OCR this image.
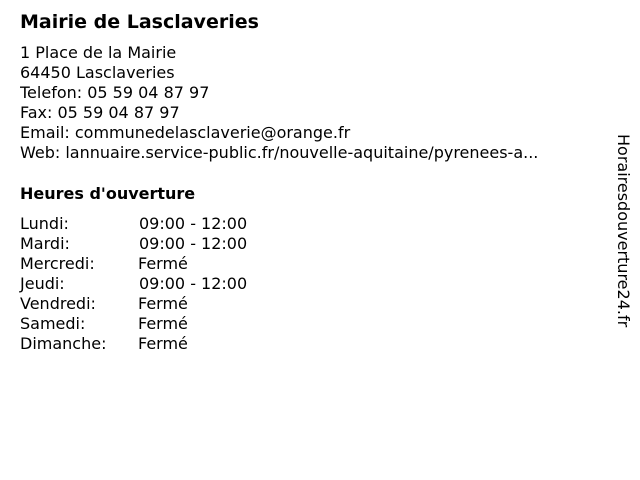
Mairie de Lasclaveries
1 Place de la Mairie
64450 Lasclaveries
Telefon: 05 59 04 87 97
Fax: 05 59 04 87 97
Email: communedelasclaverie@orange.fr
Web: lannuaire.service-public.fr/nouvelle-aquitaine/pyrenees-a...
Heures d'ouverture
Lundi:	09:00 - 12:00
Mardi:	09:00 - 12:00
Mercredi:	Fermé
Jeudi:	09:00 - 12:00
Vendredi:	Fermé
Samedi:	Fermé
Dimanche: Fermé
Horairesdouverture24.fr
